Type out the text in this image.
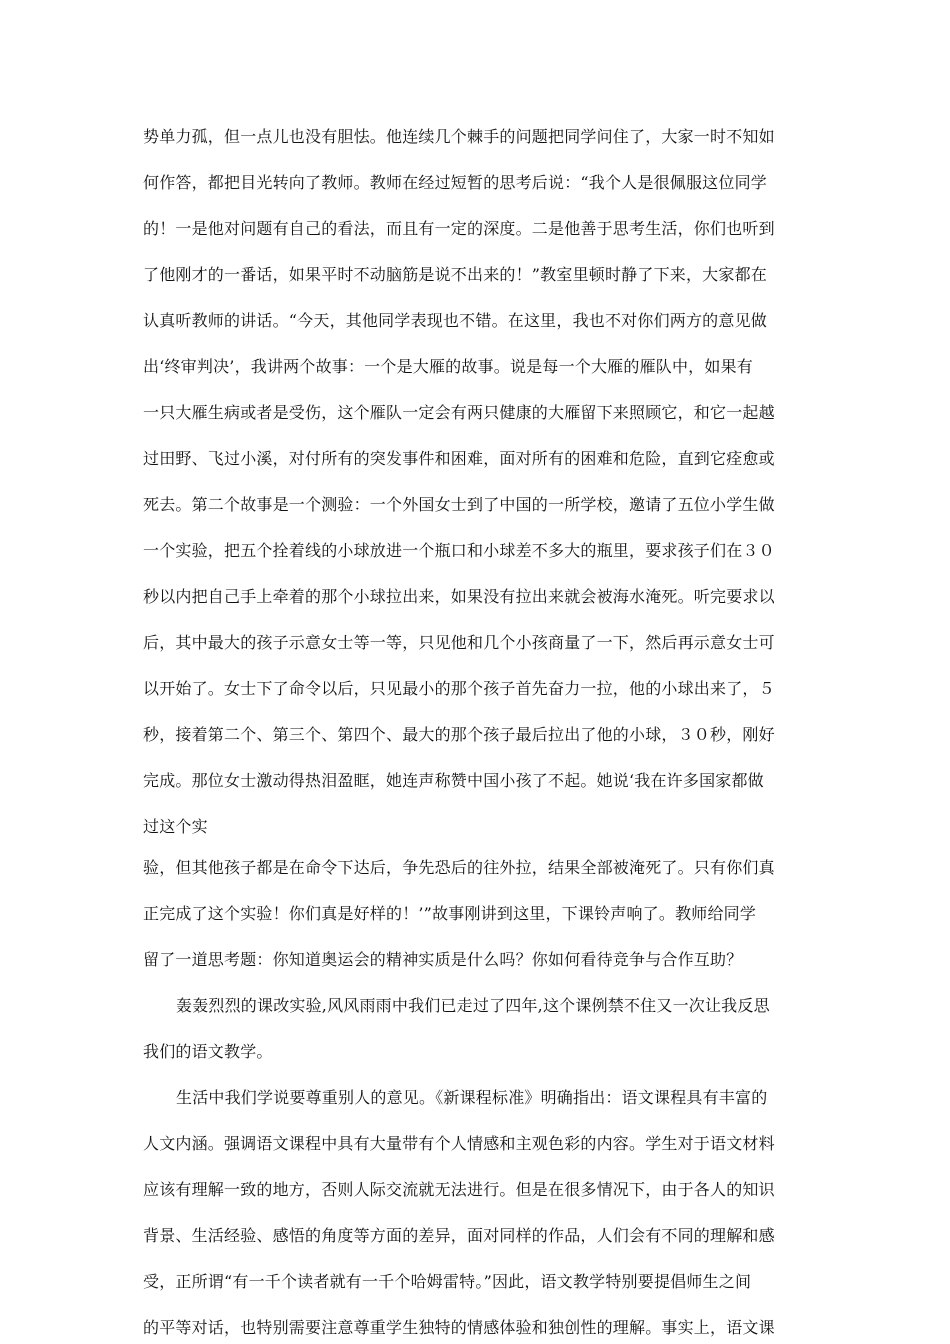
势单力孤，但一点儿也没有胆怯。他连续几个棘手的问题把同学问住了，大家一时不知如
何作答，都把目光转向了教师。教师在经过短暂的思考后说：“我个人是很佩服这位同学
的！一是他对问题有自己的看法，而且有一定的深度。二是他善于思考生活，你们也听到
了他刚才的一番话，如果平时不动脑筋是说不出来的！”教室里顿时静了下来，大家都在
认真听教师的讲话。“今天，其他同学表现也不错。在这里，我也不对你们两方的意见做
出‘终审判决’，我讲两个故事：一个是大雁的故事。说是每一个大雁的雁队中，如果有
一只大雁生病或者是受伤，这个雁队一定会有两只健康的大雁留下来照顾它，和它一起越
过田野、飞过小溪，对付所有的突发事件和困难，面对所有的困难和危险，直到它痊愈或
死去。第二个故事是一个测验：一个外国女士到了中国的一所学校，邀请了五位小学生做
一个实验，把五个拴着线的小球放进一个瓶口和小球差不多大的瓶里，要求孩子们在３０
秒以内把自己手上牵着的那个小球拉出来，如果没有拉出来就会被海水淹死。听完要求以
后，其中最大的孩子示意女士等一等，只见他和几个小孩商量了一下，然后再示意女士可
以开始了。女士下了命令以后，只见最小的那个孩子首先奋力一拉，他的小球出来了，５
秒，接着第二个、第三个、第四个、最大的那个孩子最后拉出了他的小球，３０秒，刚好
完成。那位女士激动得热泪盈眶，她连声称赞中国小孩了不起。她说‘我在许多国家都做
过这个实
验，但其他孩子都是在命令下达后，争先恐后的往外拉，结果全部被淹死了。只有你们真
正完成了这个实验！你们真是好样的！’”故事刚讲到这里，下课铃声响了。教师给同学
留了一道思考题：你知道奥运会的精神实质是什么吗？你如何看待竞争与合作互助？
轰轰烈烈的课改实验,风风雨雨中我们已走过了四年,这个课例禁不住又一次让我反思
我们的语文教学。
生活中我们学说要尊重别人的意见。《新课程标准》明确指出：语文课程具有丰富的
人文内涵。强调语文课程中具有大量带有个人情感和主观色彩的内容。学生对于语文材料
应该有理解一致的地方，否则人际交流就无法进行。但是在很多情况下，由于各人的知识
背景、生活经验、感悟的角度等方面的差异，面对同样的作品，人们会有不同的理解和感
受，正所谓“有一千个读者就有一千个哈姆雷特。”因此，语文教学特别要提倡师生之间
的平等对话，也特别需要注意尊重学生独特的情感体验和独创性的理解。事实上，语文课
